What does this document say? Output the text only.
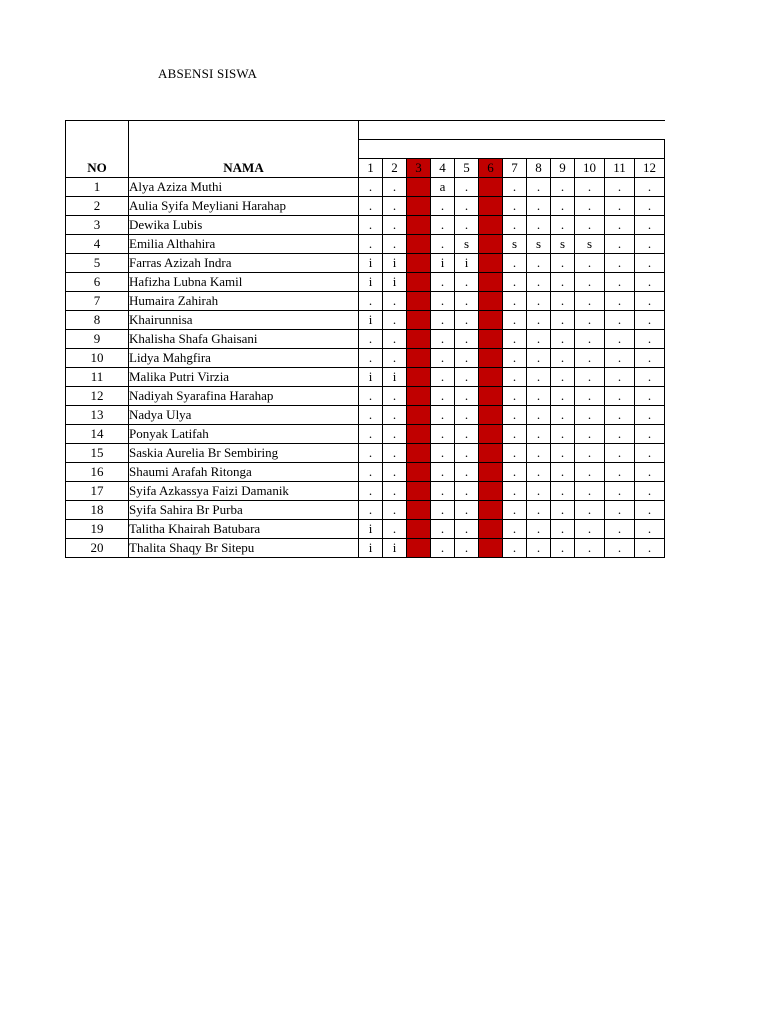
ABSENSI SISWA
NO	NAMA												

		1	2	3	4	5	6	7	8	9	10	11	12
1	Alya Aziza Muthi	.	.		a	.		.	.	.	.	.	.
2	Aulia Syifa Meyliani Harahap	.	.		.	.		.	.	.	.	.	.
3	Dewika Lubis	.	.		.	.		.	.	.	.	.	.
4	Emilia Althahira	.	.		.	s		s	s	s	s	.	.
5	Farras Azizah Indra	i	i		i	i		.	.	.	.	.	.
6	Hafizha Lubna Kamil	i	i		.	.		.	.	.	.	.	.
7	Humaira Zahirah	.	.		.	.		.	.	.	.	.	.
8	Khairunnisa	i	.		.	.		.	.	.	.	.	.
9	Khalisha Shafa Ghaisani	.	.		.	.		.	.	.	.	.	.
10	Lidya Mahgfira	.	.		.	.		.	.	.	.	.	.
11	Malika Putri Virzia	i	i		.	.		.	.	.	.	.	.
12	Nadiyah Syarafina Harahap	.	.		.	.		.	.	.	.	.	.
13	Nadya Ulya	.	.		.	.		.	.	.	.	.	.
14	Ponyak Latifah	.	.		.	.		.	.	.	.	.	.
15	Saskia Aurelia Br Sembiring	.	.		.	.		.	.	.	.	.	.
16	Shaumi Arafah Ritonga	.	.		.	.		.	.	.	.	.	.
17	Syifa Azkassya Faizi Damanik	.	.		.	.		.	.	.	.	.	.
18	Syifa Sahira Br Purba	.	.		.	.		.	.	.	.	.	.
19	Talitha Khairah Batubara	i	.		.	.		.	.	.	.	.	.
20	Thalita Shaqy Br Sitepu	i	i		.	.		.	.	.	.	.	.
